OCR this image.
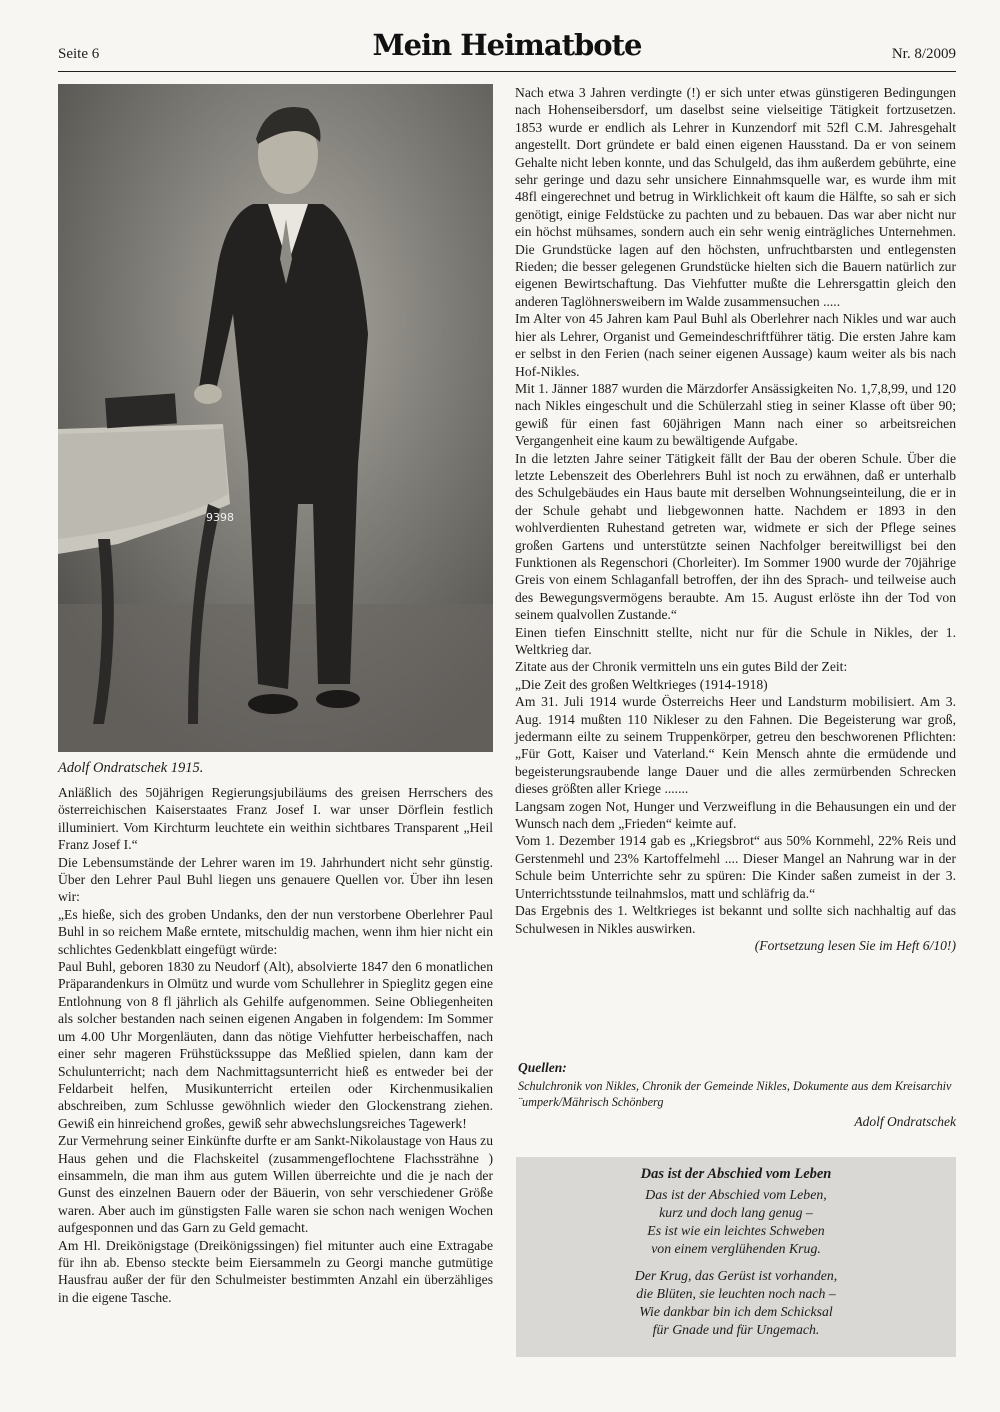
Seite 6	Mein Heimatbote	Nr. 8/2009
9398
Adolf Ondratschek 1915.

Anläßlich des 50jährigen Regierungsjubiläums des greisen Herrschers des österreichischen Kaiserstaates Franz Josef I. war unser Dörflein festlich illuminiert. Vom Kirchturm leuchtete ein weithin sichtbares Transparent „Heil Franz Josef I.“

Die Lebensumstände der Lehrer waren im 19. Jahrhundert nicht sehr günstig. Über den Lehrer Paul Buhl liegen uns genauere Quellen vor. Über ihn lesen wir:

„Es hieße, sich des groben Undanks, den der nun verstorbene Oberlehrer Paul Buhl in so reichem Maße erntete, mitschuldig machen, wenn ihm hier nicht ein schlichtes Gedenkblatt eingefügt würde:

Paul Buhl, geboren 1830 zu Neudorf (Alt), absolvierte 1847 den 6 monatlichen Präparandenkurs in Olmütz und wurde vom Schullehrer in Spieglitz gegen eine Entlohnung von 8 fl jährlich als Gehilfe aufgenommen. Seine Obliegenheiten als solcher bestanden nach seinen eigenen Angaben in folgendem: Im Sommer um 4.00 Uhr Morgenläuten, dann das nötige Viehfutter herbeischaffen, nach einer sehr mageren Frühstückssuppe das Meßlied spielen, dann kam der Schulunterricht; nach dem Nachmittagsunterricht hieß es entweder bei der Feldarbeit helfen, Musikunterricht erteilen oder Kirchenmusikalien abschreiben, zum Schlusse gewöhnlich wieder den Glockenstrang ziehen. Gewiß ein hinreichend großes, gewiß sehr abwechslungsreiches Tagewerk!

Zur Vermehrung seiner Einkünfte durfte er am Sankt-Nikolaustage von Haus zu Haus gehen und die Flachskeitel (zusammengeflochtene Flachssträhne ) einsammeln, die man ihm aus gutem Willen überreichte und die je nach der Gunst des einzelnen Bauern oder der Bäuerin, von sehr verschiedener Größe waren. Aber auch im günstigsten Falle waren sie schon nach wenigen Wochen aufgesponnen und das Garn zu Geld gemacht.

Am Hl. Dreikönigstage (Dreikönigssingen) fiel mitunter auch eine Extragabe für ihn ab. Ebenso steckte beim Eiersammeln zu Georgi manche gutmütige Hausfrau außer der für den Schulmeister bestimmten Anzahl ein überzähliges in die eigene Tasche.

Nach etwa 3 Jahren verdingte (!) er sich unter etwas günstigeren Bedingungen nach Hohenseibersdorf, um daselbst seine vielseitige Tätigkeit fortzusetzen. 1853 wurde er endlich als Lehrer in Kunzendorf mit 52fl C.M. Jahresgehalt angestellt. Dort gründete er bald einen eigenen Hausstand. Da er von seinem Gehalte nicht leben konnte, und das Schulgeld, das ihm außerdem gebührte, eine sehr geringe und dazu sehr unsichere Einnahmsquelle war, es wurde ihm mit 48fl eingerechnet und betrug in Wirklichkeit oft kaum die Hälfte, so sah er sich genötigt, einige Feldstücke zu pachten und zu bebauen. Das war aber nicht nur ein höchst mühsames, sondern auch ein sehr wenig einträgliches Unternehmen. Die Grundstücke lagen auf den höchsten, unfruchtbarsten und entlegensten Rieden; die besser gelegenen Grundstücke hielten sich die Bauern natürlich zur eigenen Bewirtschaftung. Das Viehfutter mußte die Lehrersgattin gleich den anderen Taglöhnersweibern im Walde zusammensuchen .....

Im Alter von 45 Jahren kam Paul Buhl als Oberlehrer nach Nikles und war auch hier als Lehrer, Organist und Gemeindeschriftführer tätig. Die ersten Jahre kam er selbst in den Ferien (nach seiner eigenen Aussage) kaum weiter als bis nach Hof-Nikles.

Mit 1. Jänner 1887 wurden die Märzdorfer Ansässigkeiten No. 1,7,8,99, und 120 nach Nikles eingeschult und die Schülerzahl stieg in seiner Klasse oft über 90; gewiß für einen fast 60jährigen Mann nach einer so arbeitsreichen Vergangenheit eine kaum zu bewältigende Aufgabe.

In die letzten Jahre seiner Tätigkeit fällt der Bau der oberen Schule. Über die letzte Lebenszeit des Oberlehrers Buhl ist noch zu erwähnen, daß er unterhalb des Schulgebäudes ein Haus baute mit derselben Wohnungseinteilung, die er in der Schule gehabt und liebgewonnen hatte. Nachdem er 1893 in den wohlverdienten Ruhestand getreten war, widmete er sich der Pflege seines großen Gartens und unterstützte seinen Nachfolger bereitwilligst bei den Funktionen als Regenschori (Chorleiter). Im Sommer 1900 wurde der 70jährige Greis von einem Schlaganfall betroffen, der ihn des Sprach- und teilweise auch des Bewegungsvermögens beraubte. Am 15. August erlöste ihn der Tod von seinem qualvollen Zustande.“

Einen tiefen Einschnitt stellte, nicht nur für die Schule in Nikles, der 1. Weltkrieg dar.

Zitate aus der Chronik vermitteln uns ein gutes Bild der Zeit:

„Die Zeit des großen Weltkrieges (1914-1918)

Am 31. Juli 1914 wurde Österreichs Heer und Landsturm mobilisiert. Am 3. Aug. 1914 mußten 110 Nikleser zu den Fahnen. Die Begeisterung war groß, jedermann eilte zu seinem Truppenkörper, getreu den beschworenen Pflichten: „Für Gott, Kaiser und Vaterland.“ Kein Mensch ahnte die ermüdende und begeisterungsraubende lange Dauer und die alles zermürbenden Schrecken dieses größten aller Kriege .......

Langsam zogen Not, Hunger und Verzweiflung in die Behausungen ein und der Wunsch nach dem „Frieden“ keimte auf.

Vom 1. Dezember 1914 gab es „Kriegsbrot“ aus 50% Kornmehl, 22% Reis und Gerstenmehl und 23% Kartoffelmehl .... Dieser Mangel an Nahrung war in der Schule beim Unterrichte sehr zu spüren: Die Kinder saßen zumeist in der 3. Unterrichtsstunde teilnahmslos, matt und schläfrig da.“

Das Ergebnis des 1. Weltkrieges ist bekannt und sollte sich nachhaltig auf das Schulwesen in Nikles auswirken.

(Fortsetzung lesen Sie im Heft 6/10!)

Quellen:
Schulchronik von Nikles, Chronik der Gemeinde Nikles, Dokumente aus dem Kreisarchiv ¨umperk/Mährisch Schönberg
Adolf Ondratschek
Das ist der Abschied vom Leben
Das ist der Abschied vom Leben,
kurz und doch lang genug –
Es ist wie ein leichtes Schweben
von einem verglühenden Krug.
Der Krug, das Gerüst ist vorhanden,
die Blüten, sie leuchten noch nach –
Wie dankbar bin ich dem Schicksal
für Gnade und für Ungemach.
